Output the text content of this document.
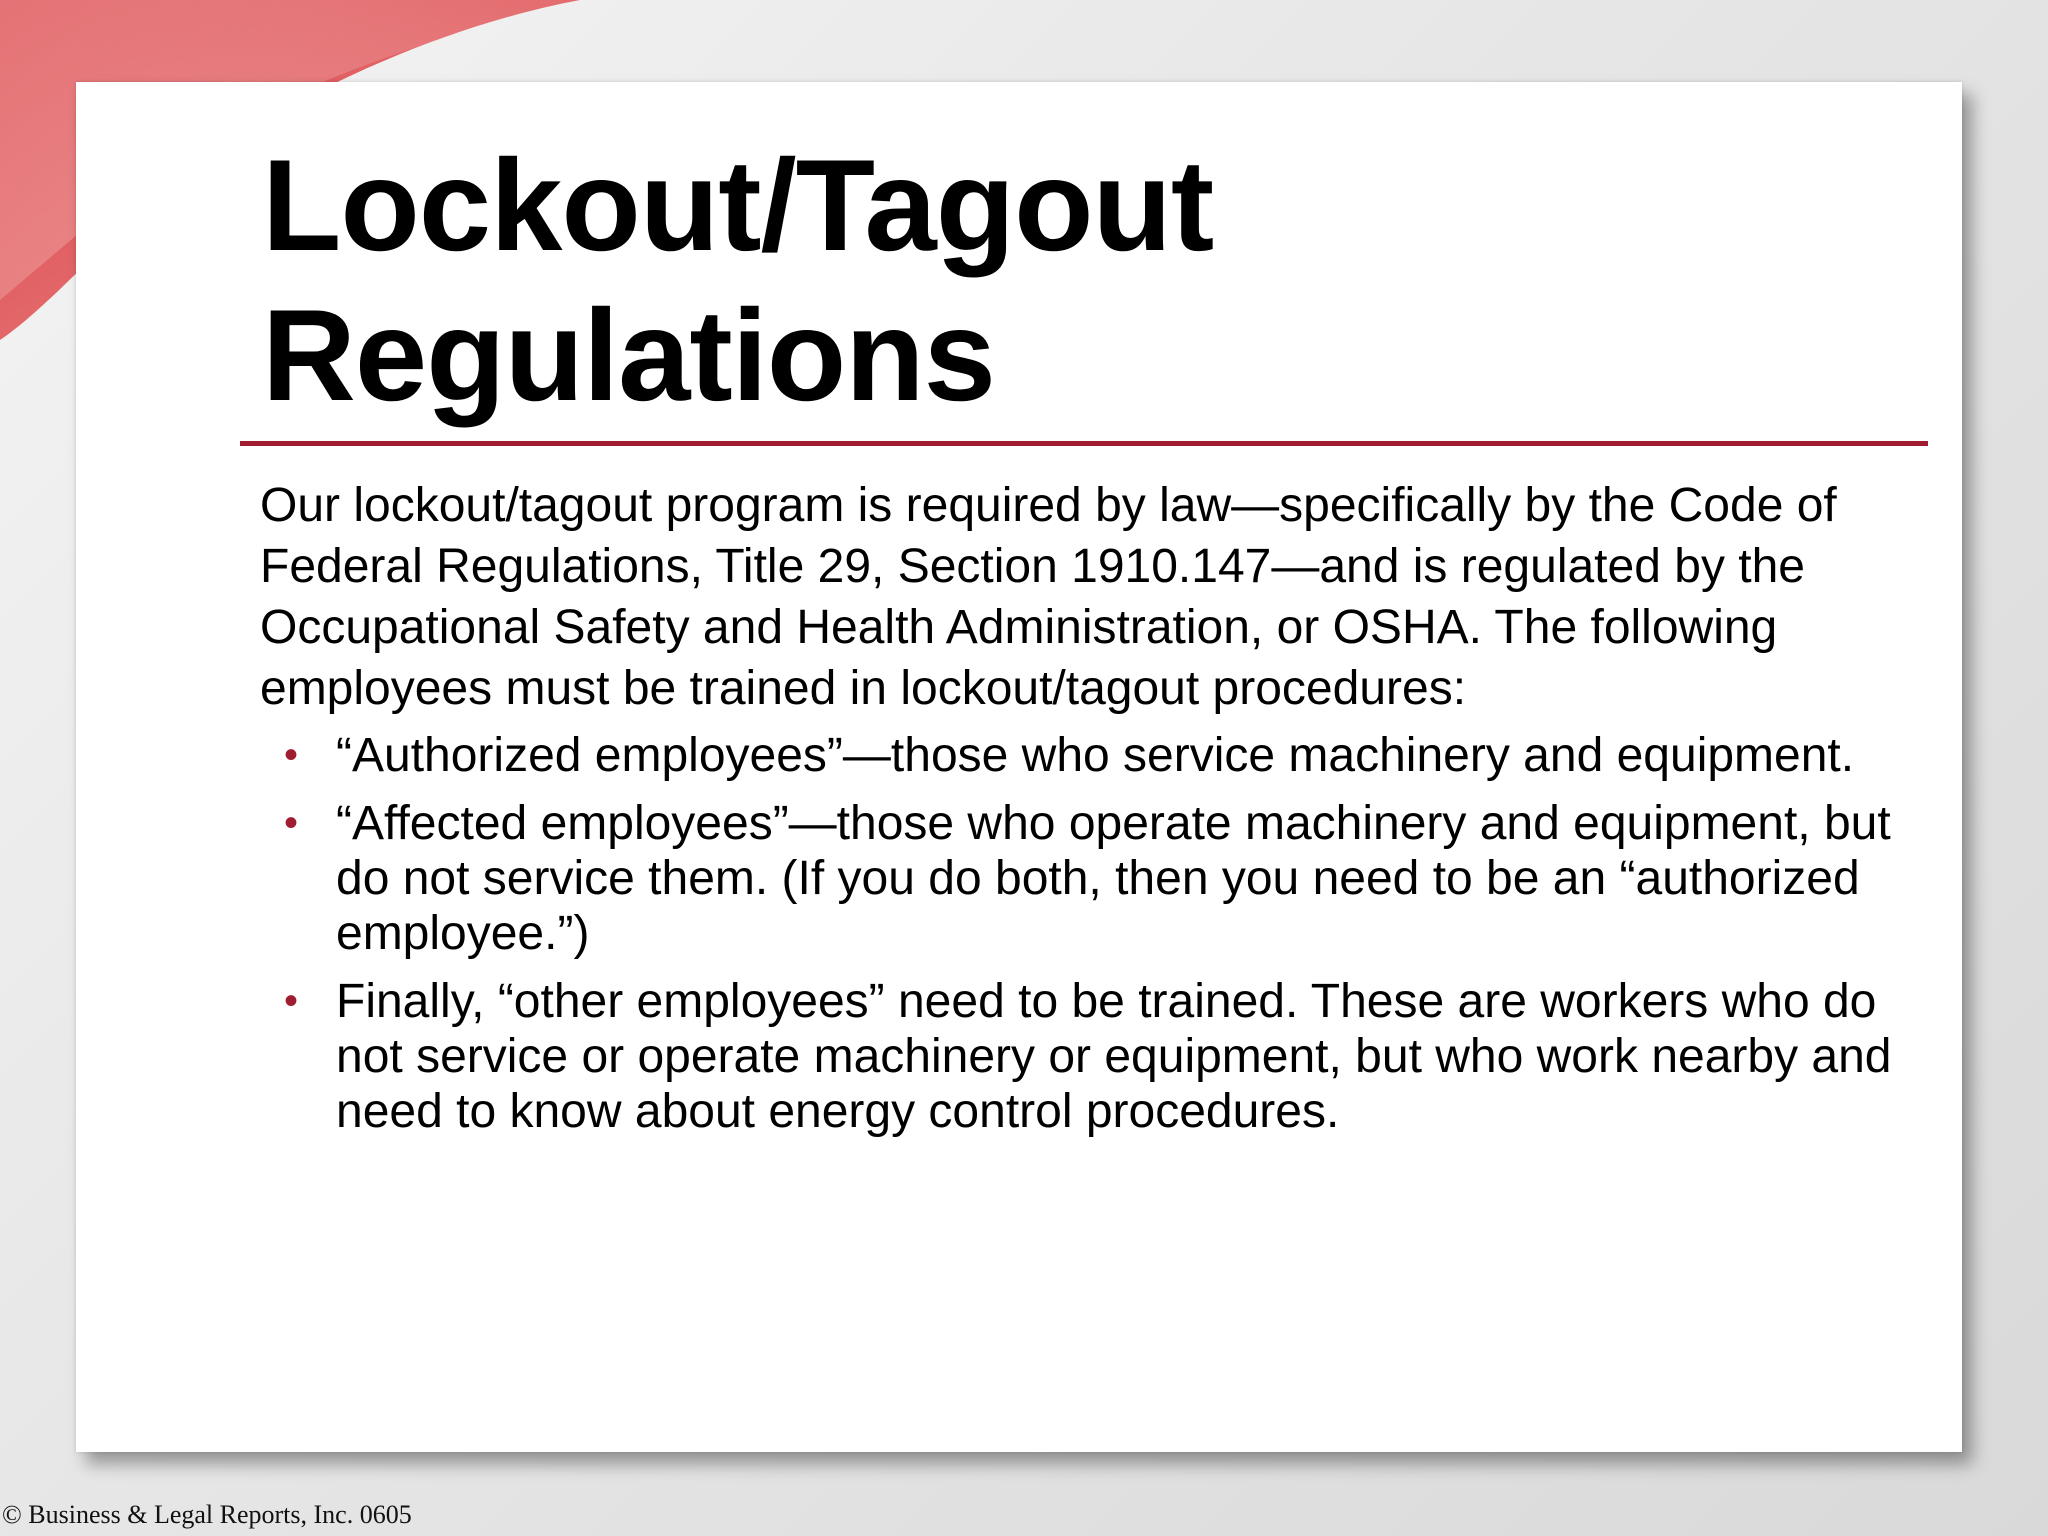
Lockout/Tagout Regulations

Our lockout/tagout program is required by law—specifically by the Code of Federal Regulations, Title 29, Section 1910.147—and is regulated by the Occupational Safety and Health Administration, or OSHA. The following employees must be trained in lockout/tagout procedures:

• “Authorized employees”—those who service machinery and equipment.
• “Affected employees”—those who operate machinery and equipment, but do not service them. (If you do both, then you need to be an “authorized employee.”)
• Finally, “other employees” need to be trained. These are workers who do not service or operate machinery or equipment, but who work nearby and need to know about energy control procedures.
© Business & Legal Reports, Inc. 0605
